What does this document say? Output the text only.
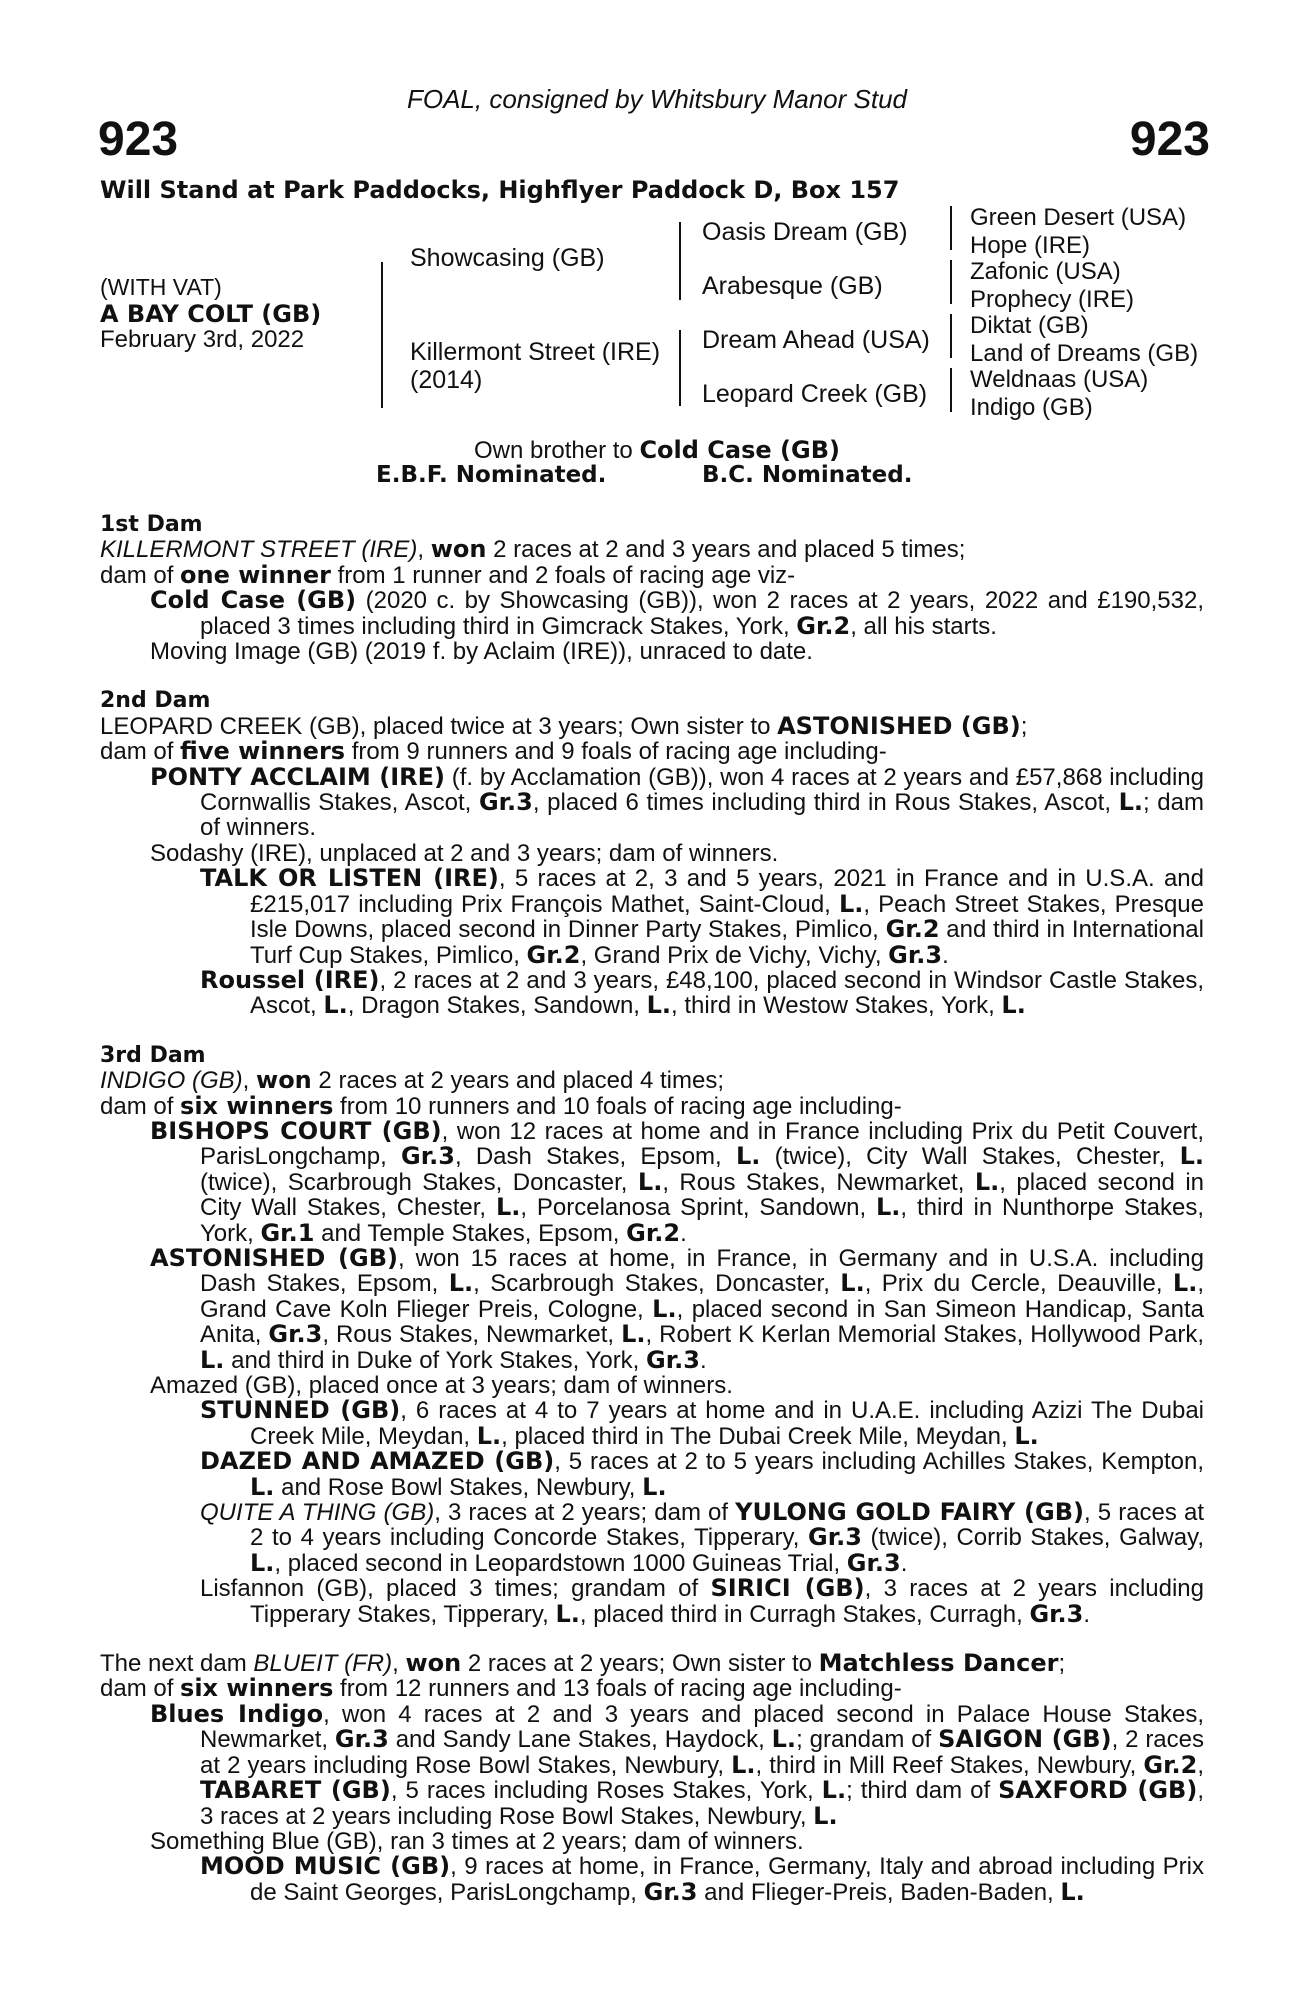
FOAL, consigned by Whitsbury Manor Stud
923	923
Will Stand at Park Paddocks, Highflyer Paddock D, Box 157
(WITH VAT)
A BAY COLT (GB)
February 3rd, 2022
Showcasing (GB)
Killermont Street (IRE)
(2014)
Oasis Dream (GB)
Arabesque (GB)
Dream Ahead (USA)
Leopard Creek (GB)
Green Desert (USA)
Hope (IRE)
Zafonic (USA)
Prophecy (IRE)
Diktat (GB)
Land of Dreams (GB)
Weldnaas (USA)
Indigo (GB)
Own brother to Cold Case (GB)
E.B.F. Nominated.	B.C. Nominated.

1st Dam

KILLERMONT STREET (IRE), won 2 races at 2 and 3 years and placed 5 times;

dam of one winner from 1 runner and 2 foals of racing age viz-

Cold Case (GB) (2020 c. by Showcasing (GB)), won 2 races at 2 years, 2022 and £190,532, placed 3 times including third in Gimcrack Stakes, York, Gr.2, all his starts.

Moving Image (GB) (2019 f. by Aclaim (IRE)), unraced to date.

2nd Dam

LEOPARD CREEK (GB), placed twice at 3 years; Own sister to ASTONISHED (GB);

dam of five winners from 9 runners and 9 foals of racing age including-

PONTY ACCLAIM (IRE) (f. by Acclamation (GB)), won 4 races at 2 years and £57,868 including Cornwallis Stakes, Ascot, Gr.3, placed 6 times including third in Rous Stakes, Ascot, L.; dam of winners.

Sodashy (IRE), unplaced at 2 and 3 years; dam of winners.

TALK OR LISTEN (IRE), 5 races at 2, 3 and 5 years, 2021 in France and in U.S.A. and £215,017 including Prix François Mathet, Saint-Cloud, L., Peach Street Stakes, Presque Isle Downs, placed second in Dinner Party Stakes, Pimlico, Gr.2 and third in International Turf Cup Stakes, Pimlico, Gr.2, Grand Prix de Vichy, Vichy, Gr.3.

Roussel (IRE), 2 races at 2 and 3 years, £48,100, placed second in Windsor Castle Stakes, Ascot, L., Dragon Stakes, Sandown, L., third in Westow Stakes, York, L.

3rd Dam

INDIGO (GB), won 2 races at 2 years and placed 4 times;

dam of six winners from 10 runners and 10 foals of racing age including-

BISHOPS COURT (GB), won 12 races at home and in France including Prix du Petit Couvert, ParisLongchamp, Gr.3, Dash Stakes, Epsom, L. (twice), City Wall Stakes, Chester, L. (twice), Scarbrough Stakes, Doncaster, L., Rous Stakes, Newmarket, L., placed second in City Wall Stakes, Chester, L., Porcelanosa Sprint, Sandown, L., third in Nunthorpe Stakes, York, Gr.1 and Temple Stakes, Epsom, Gr.2.

ASTONISHED (GB), won 15 races at home, in France, in Germany and in U.S.A. including Dash Stakes, Epsom, L., Scarbrough Stakes, Doncaster, L., Prix du Cercle, Deauville, L., Grand Cave Koln Flieger Preis, Cologne, L., placed second in San Simeon Handicap, Santa Anita, Gr.3, Rous Stakes, Newmarket, L., Robert K Kerlan Memorial Stakes, Hollywood Park, L. and third in Duke of York Stakes, York, Gr.3.

Amazed (GB), placed once at 3 years; dam of winners.

STUNNED (GB), 6 races at 4 to 7 years at home and in U.A.E. including Azizi The Dubai Creek Mile, Meydan, L., placed third in The Dubai Creek Mile, Meydan, L.

DAZED AND AMAZED (GB), 5 races at 2 to 5 years including Achilles Stakes, Kempton, L. and Rose Bowl Stakes, Newbury, L.

QUITE A THING (GB), 3 races at 2 years; dam of YULONG GOLD FAIRY (GB), 5 races at 2 to 4 years including Concorde Stakes, Tipperary, Gr.3 (twice), Corrib Stakes, Galway, L., placed second in Leopardstown 1000 Guineas Trial, Gr.3.

Lisfannon (GB), placed 3 times; grandam of SIRICI (GB), 3 races at 2 years including Tipperary Stakes, Tipperary, L., placed third in Curragh Stakes, Curragh, Gr.3.

The next dam BLUEIT (FR), won 2 races at 2 years; Own sister to Matchless Dancer;

dam of six winners from 12 runners and 13 foals of racing age including-

Blues Indigo, won 4 races at 2 and 3 years and placed second in Palace House Stakes, Newmarket, Gr.3 and Sandy Lane Stakes, Haydock, L.; grandam of SAIGON (GB), 2 races at 2 years including Rose Bowl Stakes, Newbury, L., third in Mill Reef Stakes, Newbury, Gr.2, TABARET (GB), 5 races including Roses Stakes, York, L.; third dam of SAXFORD (GB), 3 races at 2 years including Rose Bowl Stakes, Newbury, L.

Something Blue (GB), ran 3 times at 2 years; dam of winners.

MOOD MUSIC (GB), 9 races at home, in France, Germany, Italy and abroad including Prix de Saint Georges, ParisLongchamp, Gr.3 and Flieger-Preis, Baden-Baden, L.
